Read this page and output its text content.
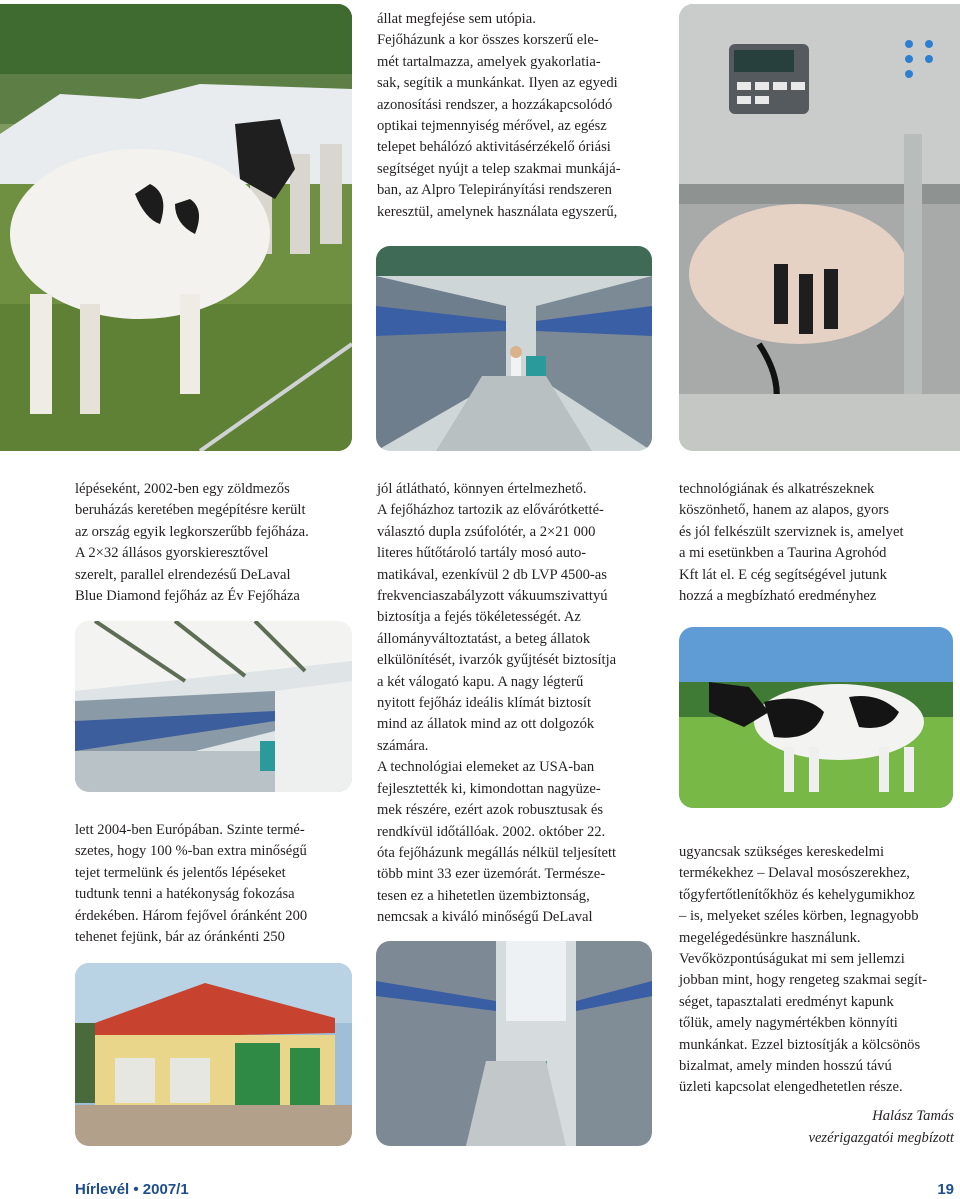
lépéseként, 2002-ben egy zöldmezős
beruházás keretében megépítésre került
az ország egyik legkorszerűbb fejőháza.
A 2×32 állásos gyorskieresztővel
szerelt, parallel elrendezésű DeLaval
Blue Diamond fejőház az Év Fejőháza

lett 2004-ben Európában. Szinte termé-
szetes, hogy 100 %-ban extra minőségű
tejet termelünk és jelentős lépéseket
tudtunk tenni a hatékonyság fokozása
érdekében. Három fejővel óránként 200
tehenet fejünk, bár az óránkénti 250

állat megfejése sem utópia.
Fejőházunk a kor összes korszerű ele-
mét tartalmazza, amelyek gyakorlatia-
sak, segítik a munkánkat. Ilyen az egyedi
azonosítási rendszer, a hozzákapcsolódó
optikai tejmennyiség mérővel, az egész
telepet behálózó aktivitásérzékelő óriási
segítséget nyújt a telep szakmai munkájá-
ban, az Alpro Telepirányítási rendszeren
keresztül, amelynek használata egyszerű,

jól átlátható, könnyen értelmezhető.
A fejőházhoz tartozik az elővárótketté-
választó dupla zsúfolótér, a 2×21 000
literes hűtőtároló tartály mosó auto-
matikával, ezenkívül 2 db LVP 4500-as
frekvenciaszabályzott vákuumszivattyú
biztosítja a fejés tökéletességét. Az
állományváltoztatást, a beteg állatok
elkülönítését, ivarzók gyűjtését biztosítja
a két válogató kapu. A nagy légterű
nyitott fejőház ideális klímát biztosít
mind az állatok mind az ott dolgozók
számára.
A technológiai elemeket az USA-ban
fejlesztették ki, kimondottan nagyüze-
mek részére, ezért azok robusztusak és
rendkívül időtállóak. 2002. október 22.
óta fejőházunk megállás nélkül teljesített
több mint 33 ezer üzemórát. Természe-
tesen ez a hihetetlen üzembiztonság,
nemcsak a kiváló minőségű DeLaval

technológiának és alkatrészeknek
köszönhető, hanem az alapos, gyors
és jól felkészült szerviznek is, amelyet
a mi esetünkben a Taurina Agrohód
Kft lát el. E cég segítségével jutunk
hozzá a megbízható eredményhez

ugyancsak szükséges kereskedelmi
termékekhez – Delaval mosószerekhez,
tőgyfertőtlenítőkhöz és kehelygumikhoz
– is, melyeket széles körben, legnagyobb
megelégedésünkre használunk.
Vevőközpontúságukat mi sem jellemzi
jobban mint, hogy rengeteg szakmai segít-
séget, tapasztalati eredményt kapunk
tőlük, amely nagymértékben könnyíti
munkánkat. Ezzel biztosítják a kölcsönös
bizalmat, amely minden hosszú távú
üzleti kapcsolat elengedhetetlen része.

Halász Tamás
vezérigazgatói megbízott
Hírlevél • 2007/1	19
